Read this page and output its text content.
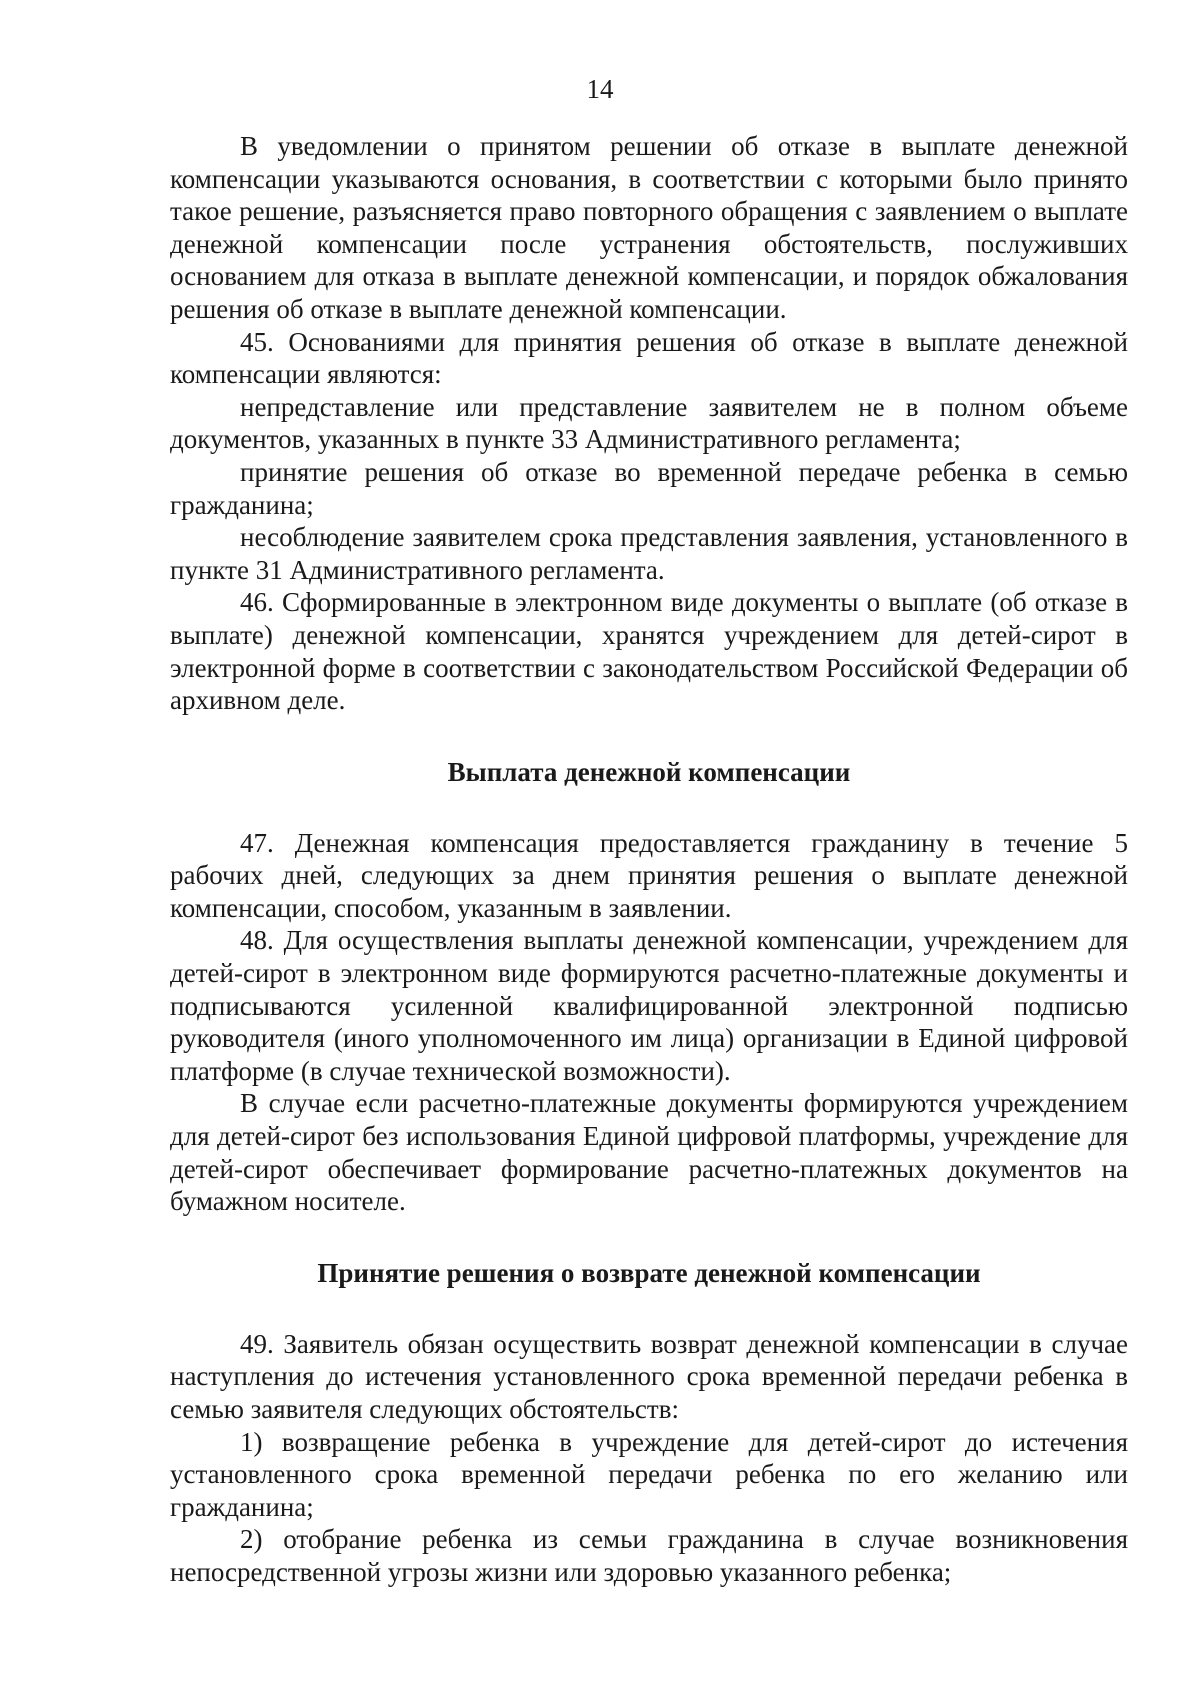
14

В уведомлении о принятом решении об отказе в выплате денежной компенсации указываются основания, в соответствии с которыми было принято такое решение, разъясняется право повторного обращения с заявлением о выплате денежной компенсации после устранения обстоятельств, послуживших основанием для отказа в выплате денежной компенсации, и порядок обжалования решения об отказе в выплате денежной компенсации.

45. Основаниями для принятия решения об отказе в выплате денежной компенсации являются:

непредставление или представление заявителем не в полном объеме документов, указанных в пункте 33 Административного регламента;

принятие решения об отказе во временной передаче ребенка в семью гражданина;

несоблюдение заявителем срока представления заявления, установленного в пункте 31 Административного регламента.

46. Сформированные в электронном виде документы о выплате (об отказе в выплате) денежной компенсации, хранятся учреждением для детей-сирот в электронной форме в соответствии с законодательством Российской Федерации об архивном деле.

Выплата денежной компенсации

47. Денежная компенсация предоставляется гражданину в течение 5 рабочих дней, следующих за днем принятия решения о выплате денежной компенсации, способом, указанным в заявлении.

48. Для осуществления выплаты денежной компенсации, учреждением для детей-сирот в электронном виде формируются расчетно-платежные документы и подписываются усиленной квалифицированной электронной подписью руководителя (иного уполномоченного им лица) организации в Единой цифровой платформе (в случае технической возможности).

В случае если расчетно-платежные документы формируются учреждением для детей-сирот без использования Единой цифровой платформы, учреждение для детей-сирот обеспечивает формирование расчетно-платежных документов на бумажном носителе.

Принятие решения о возврате денежной компенсации

49. Заявитель обязан осуществить возврат денежной компенсации в случае наступления до истечения установленного срока временной передачи ребенка в семью заявителя следующих обстоятельств:

1) возвращение ребенка в учреждение для детей-сирот до истечения установленного срока временной передачи ребенка по его желанию или гражданина;

2) отобрание ребенка из семьи гражданина в случае возникновения непосредственной угрозы жизни или здоровью указанного ребенка;
